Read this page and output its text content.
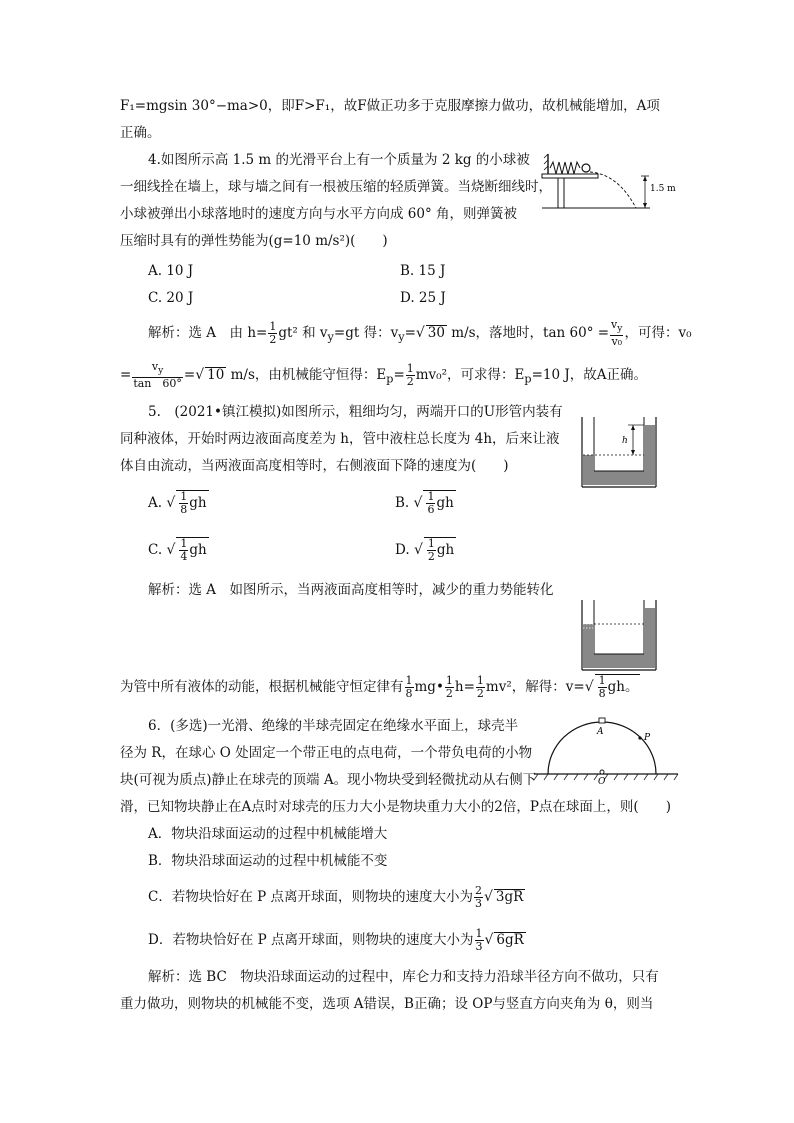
F₁=mgsin 30°−ma>0，即F>F₁，故F做正功多于克服摩擦力做功，故机械能增加，A项
正确。
4.如图所示高 1.5 m 的光滑平台上有一个质量为 2 kg 的小球被
一细线拴在墙上，球与墙之间有一根被压缩的轻质弹簧。当烧断细线时，
小球被弹出小球落地时的速度方向与水平方向成 60° 角，则弹簧被
压缩时具有的弹性势能为(g=10 m/s²)(　　)
1.5 m
A. 10 J	B. 15 J
C. 20 J	D. 25 J
解析：选 A　由 $h= \frac{1}{2} gt^2$ 和 $v_y=gt$ 得：$v_y=√$ 30 m/s，落地时，$\tan 60^\circ = \frac{v_y}{\text{v₀}}$ ，可得：v₀
= $\frac{v_y}{\tan 60^\circ}$ =√ 10 m/s，由机械能守恒得：$E_p= \frac{1}{2} mv_0^2$，可求得：$E_p=10$ J，故A正确。
5.　(2021•镇江模拟)如图所示，粗细均匀，两端开口的U形管内装有
同种液体，开始时两边液面高度差为 h，管中液柱总长度为 4h，后来让液
体自由流动，当两液面高度相等时，右侧液面下降的速度为(　　)
h
A. √ $\frac{1}{8}$ gh	B. √ $\frac{1}{6}$ gh
C. √ $\frac{1}{4}$ gh	D. √ $\frac{1}{2}$ gh
解析：选 A　如图所示，当两液面高度相等时，减少的重力势能转化
为管中所有液体的动能，根据机械能守恒定律有 $\frac{1}{8}$ mg• $\frac{1}{2} h= \frac{1}{2} mv^2$，解得：$v=√ \frac{1}{8}$ gh。
6．(多选)一光滑、绝缘的半球壳固定在绝缘水平面上，球壳半
径为 R，在球心 O 处固定一个带正电的点电荷，一个带负电荷的小物
块(可视为质点)静止在球壳的顶端 A。现小物块受到轻微扰动从右侧下
滑，已知物块静止在A点时对球壳的压力大小是物块重力大小的2倍，P点在球面上，则(　　)
A
P
O
A．物块沿球面运动的过程中机械能增大
B．物块沿球面运动的过程中机械能不变
C．若物块恰好在 P 点离开球面，则物块的速度大小为 $\frac{2}{3}$ √ 3gR
D．若物块恰好在 P 点离开球面，则物块的速度大小为 $\frac{1}{3}$ √ 6gR
解析：选 BC　物块沿球面运动的过程中，库仑力和支持力沿球半径方向不做功，只有
重力做功，则物块的机械能不变，选项 A错误，B正确；设 OP与竖直方向夹角为 θ，则当
